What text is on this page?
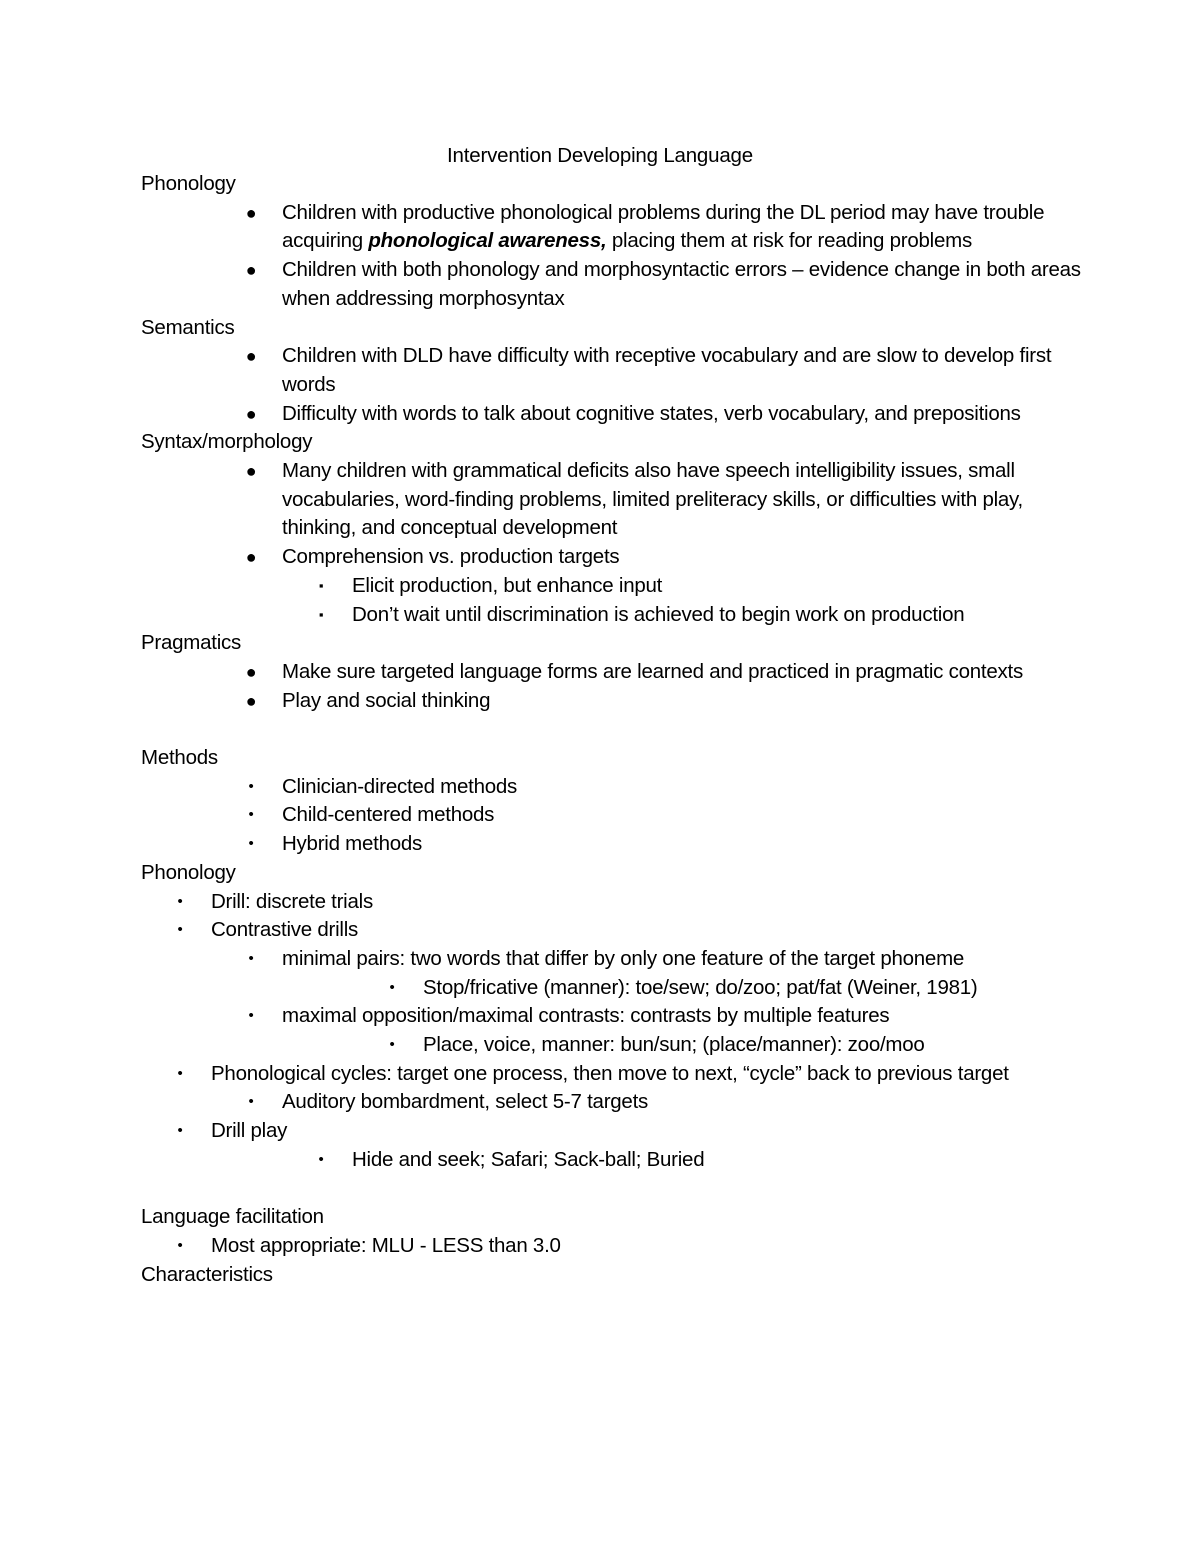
Intervention Developing Language
Phonology
● Children with productive phonological problems during the DL period may have trouble acquiring phonological awareness, placing them at risk for reading problems
● Children with both phonology and morphosyntactic errors – evidence change in both areas when addressing morphosyntax
Semantics
● Children with DLD have difficulty with receptive vocabulary and are slow to develop first words
● Difficulty with words to talk about cognitive states, verb vocabulary, and prepositions
Syntax/morphology
● Many children with grammatical deficits also have speech intelligibility issues, small vocabularies, word-finding problems, limited preliteracy skills, or difficulties with play, thinking, and conceptual development
● Comprehension vs. production targets
▪	Elicit production, but enhance input
▪	Don’t wait until discrimination is achieved to begin work on production
Pragmatics
● Make sure targeted language forms are learned and practiced in pragmatic contexts
● Play and social thinking
Methods
•	Clinician-directed methods
•	Child-centered methods
•	Hybrid methods
Phonology
•	Drill: discrete trials
•	Contrastive drills
•	minimal pairs: two words that differ by only one feature of the target phoneme
•	Stop/fricative (manner): toe/sew; do/zoo; pat/fat (Weiner, 1981)
•	maximal opposition/maximal contrasts: contrasts by multiple features
•	Place, voice, manner: bun/sun; (place/manner): zoo/moo
•	Phonological cycles: target one process, then move to next, “cycle” back to previous target
•	Auditory bombardment, select 5-7 targets
•	Drill play
•	Hide and seek; Safari; Sack-ball; Buried
Language facilitation
•	Most appropriate: MLU - LESS than 3.0
Characteristics
